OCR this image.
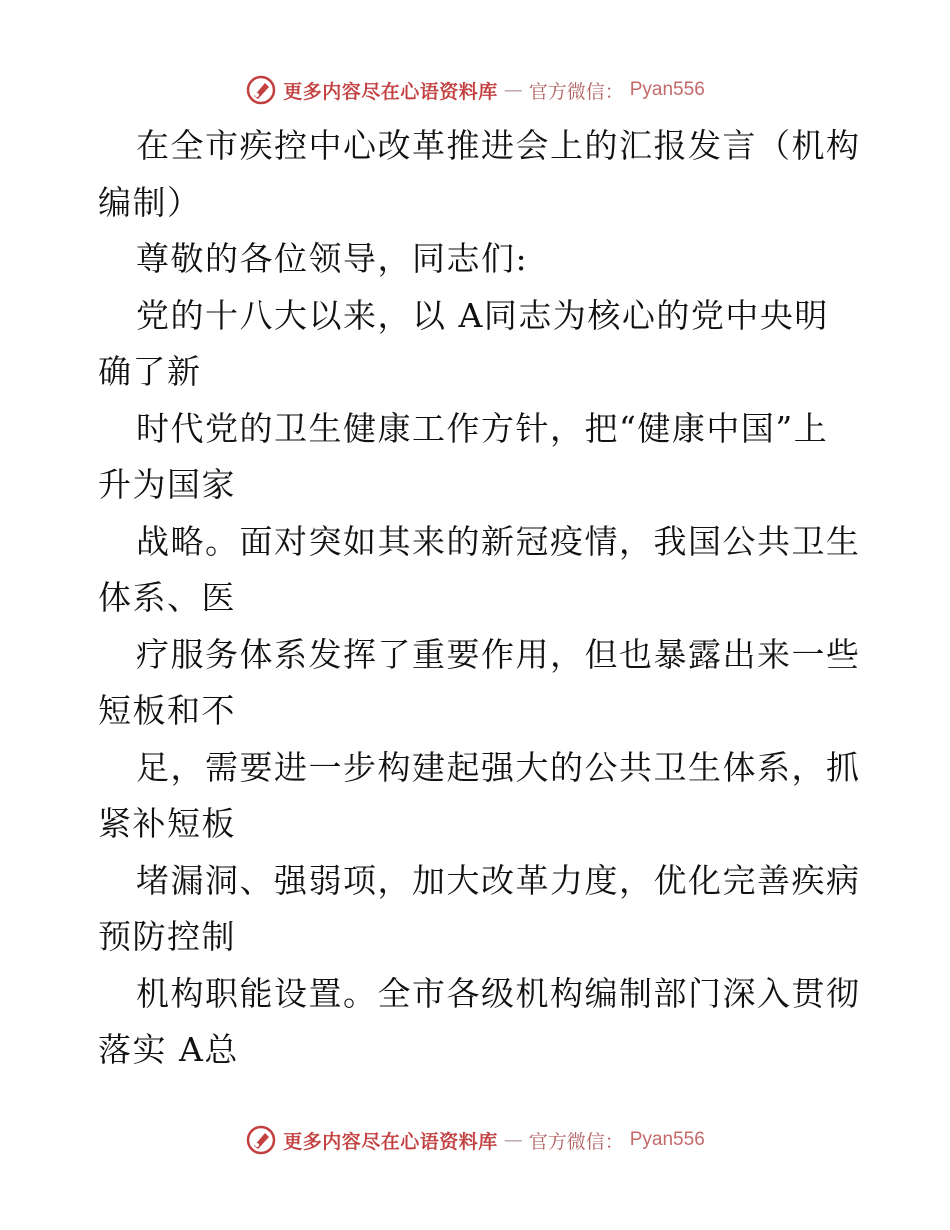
更多内容尽在心语资料库 — 官方微信： Pyan556
在全市疾控中心改革推进会上的汇报发言（机构
编制）
尊敬的各位领导，同志们:
党的十八大以来，以 A同志为核心的党中央明
确了新
时代党的卫生健康工作方针，把“健康中国”上
升为国家
战略。面对突如其来的新冠疫情，我国公共卫生
体系、医
疗服务体系发挥了重要作用，但也暴露出来一些
短板和不
足，需要进一步构建起强大的公共卫生体系，抓
紧补短板
堵漏洞、强弱项，加大改革力度，优化完善疾病
预防控制
机构职能设置。全市各级机构编制部门深入贯彻
落实 A总
更多内容尽在心语资料库 — 官方微信： Pyan556
